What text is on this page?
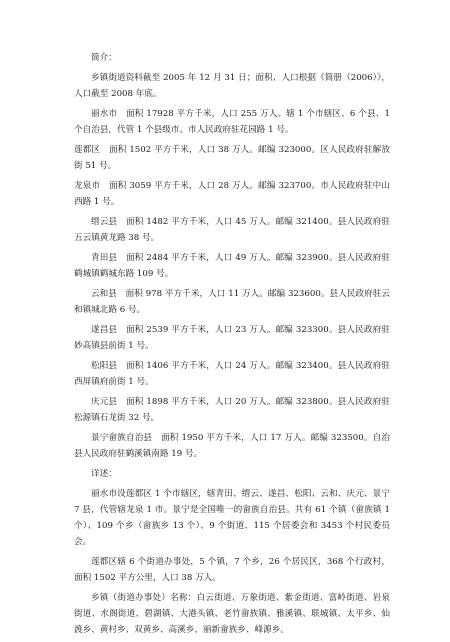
简介：

乡镇街道资料截至 2005 年 12 月 31 日；面积、人口根据《简册（2006）》，人口截至 2008 年底。

丽水市　面积 17928 平方千米，人口 255 万人。辖 1 个市辖区、6 个县、1 个自治县，代管 1 个县级市。市人民政府驻花园路 1 号。

莲都区　面积 1502 平方千米，人口 38 万人。邮编 323000。区人民政府驻解放街 51 号。

龙泉市　面积 3059 平方千米，人口 28 万人。邮编 323700。市人民政府驻中山西路 1 号。

缙云县　面积 1482 平方千米，人口 45 万人。邮编 321400。县人民政府驻五云镇黄龙路 38 号。

青田县　面积 2484 平方千米，人口 49 万人。邮编 323900。县人民政府驻鹤城镇鹤城东路 109 号。

云和县　面积 978 平方千米，人口 11 万人。邮编 323600。县人民政府驻云和镇城北路 6 号。

遂昌县　面积 2539 平方千米，人口 23 万人。邮编 323300。县人民政府驻妙高镇县前街 1 号。

松阳县　面积 1406 平方千米，人口 24 万人。邮编 323400。县人民政府驻西屏镇府前街 1 号。

庆元县　面积 1898 平方千米，人口 20 万人。邮编 323800。县人民政府驻松源镇石龙街 32 号。

景宁畲族自治县　面积 1950 平方千米，人口 17 万人。邮编 323500。自治县人民政府驻鹤溪镇南路 19 号。

详述：

丽水市设莲都区 1 个市辖区，辖青田、缙云、遂昌、松阳、云和、庆元、景宁 7 县，代管辖龙泉 1 市。景宁是全国唯一的畲族自治县。共有 61 个镇（畲族镇 1 个）、109 个乡（畲族乡 13 个）、9 个街道、115 个居委会和 3453 个村民委员会。

莲都区辖 6 个街道办事处，5 个镇，7 个乡，26 个居民区，368 个行政村，面积 1502 平方公里，人口 38 万人。

乡镇（街道办事处）名称：白云街道、万象街道、紫金街道、富岭街道、岩泉街道、水阁街道、碧湖镇、大港头镇、老竹畲族镇、雅溪镇、联城镇、太平乡、仙渡乡、黄村乡、双黄乡、高溪乡、丽新畲族乡、峰源乡。
